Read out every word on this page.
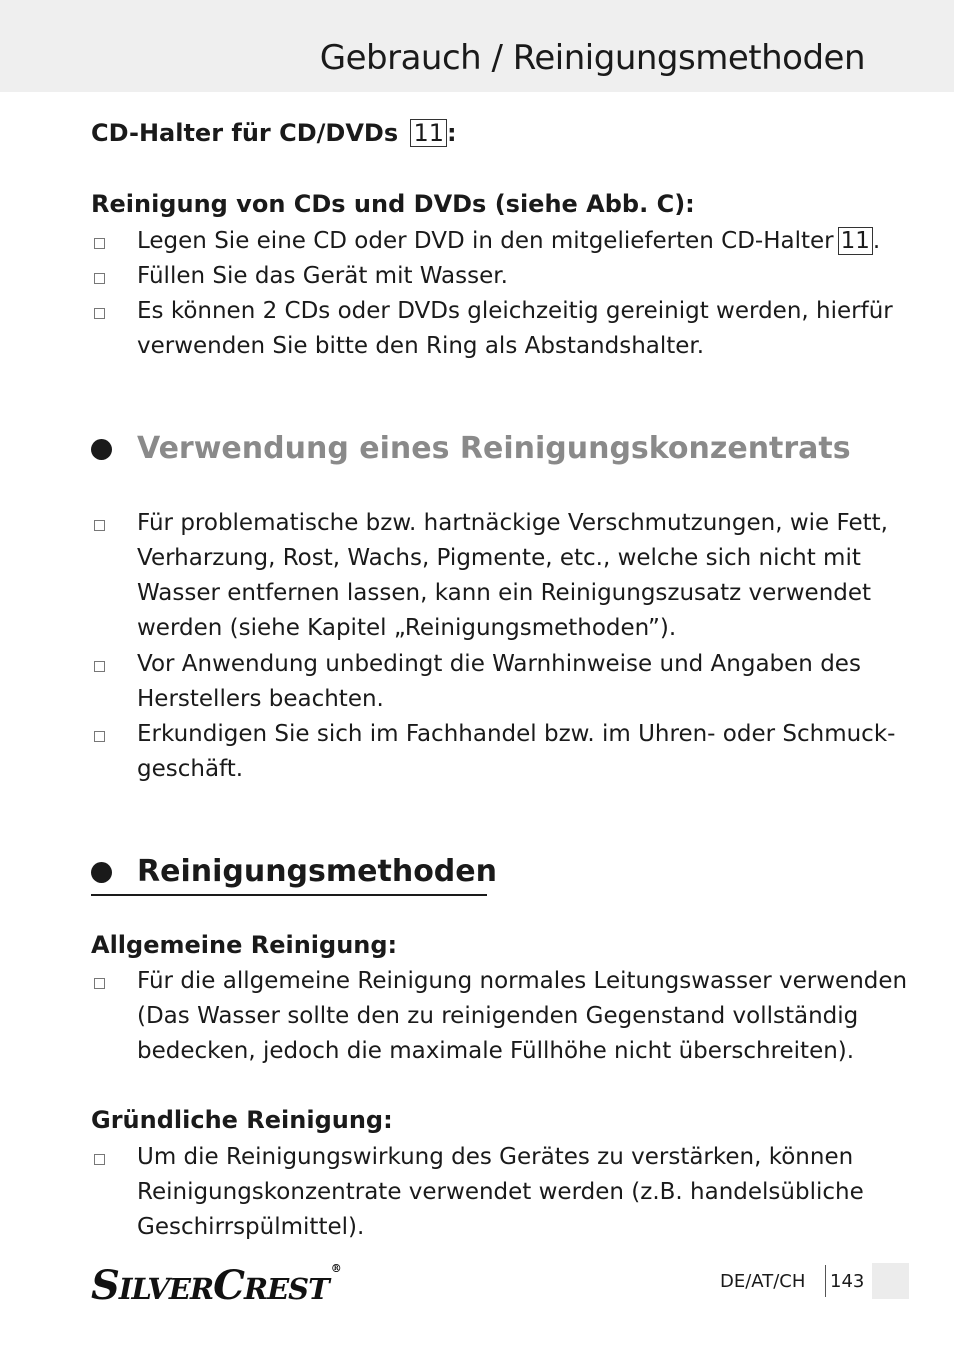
Gebrauch / Reinigungsmethoden
CD-Halter für CD/DVDs 11 :
Reinigung von CDs und DVDs (siehe Abb. C):
Legen Sie eine CD oder DVD in den mitgelieferten CD-Halter 11 .
Füllen Sie das Gerät mit Wasser.
Es können 2 CDs oder DVDs gleichzeitig gereinigt werden, hierfür
verwenden Sie bitte den Ring als Abstandshalter.
Verwendung eines Reinigungskonzentrats
Für problematische bzw. hartnäckige Verschmutzungen, wie Fett,
Verharzung, Rost, Wachs, Pigmente, etc., welche sich nicht mit
Wasser entfernen lassen, kann ein Reinigungszusatz verwendet
werden (siehe Kapitel „Reinigungsmethoden”).
Vor Anwendung unbedingt die Warnhinweise und Angaben des
Herstellers beachten.
Erkundigen Sie sich im Fachhandel bzw. im Uhren- oder Schmuck-
geschäft.
Reinigungsmethoden
Allgemeine Reinigung:
Für die allgemeine Reinigung normales Leitungswasser verwenden
(Das Wasser sollte den zu reinigenden Gegenstand vollständig
bedecken, jedoch die maximale Füllhöhe nicht überschreiten).
Gründliche Reinigung:
Um die Reinigungswirkung des Gerätes zu verstärken, können
Reinigungskonzentrate verwendet werden (z.B. handelsübliche
Geschirrspülmittel).
SILVERCREST®
DE/AT/CH 143
